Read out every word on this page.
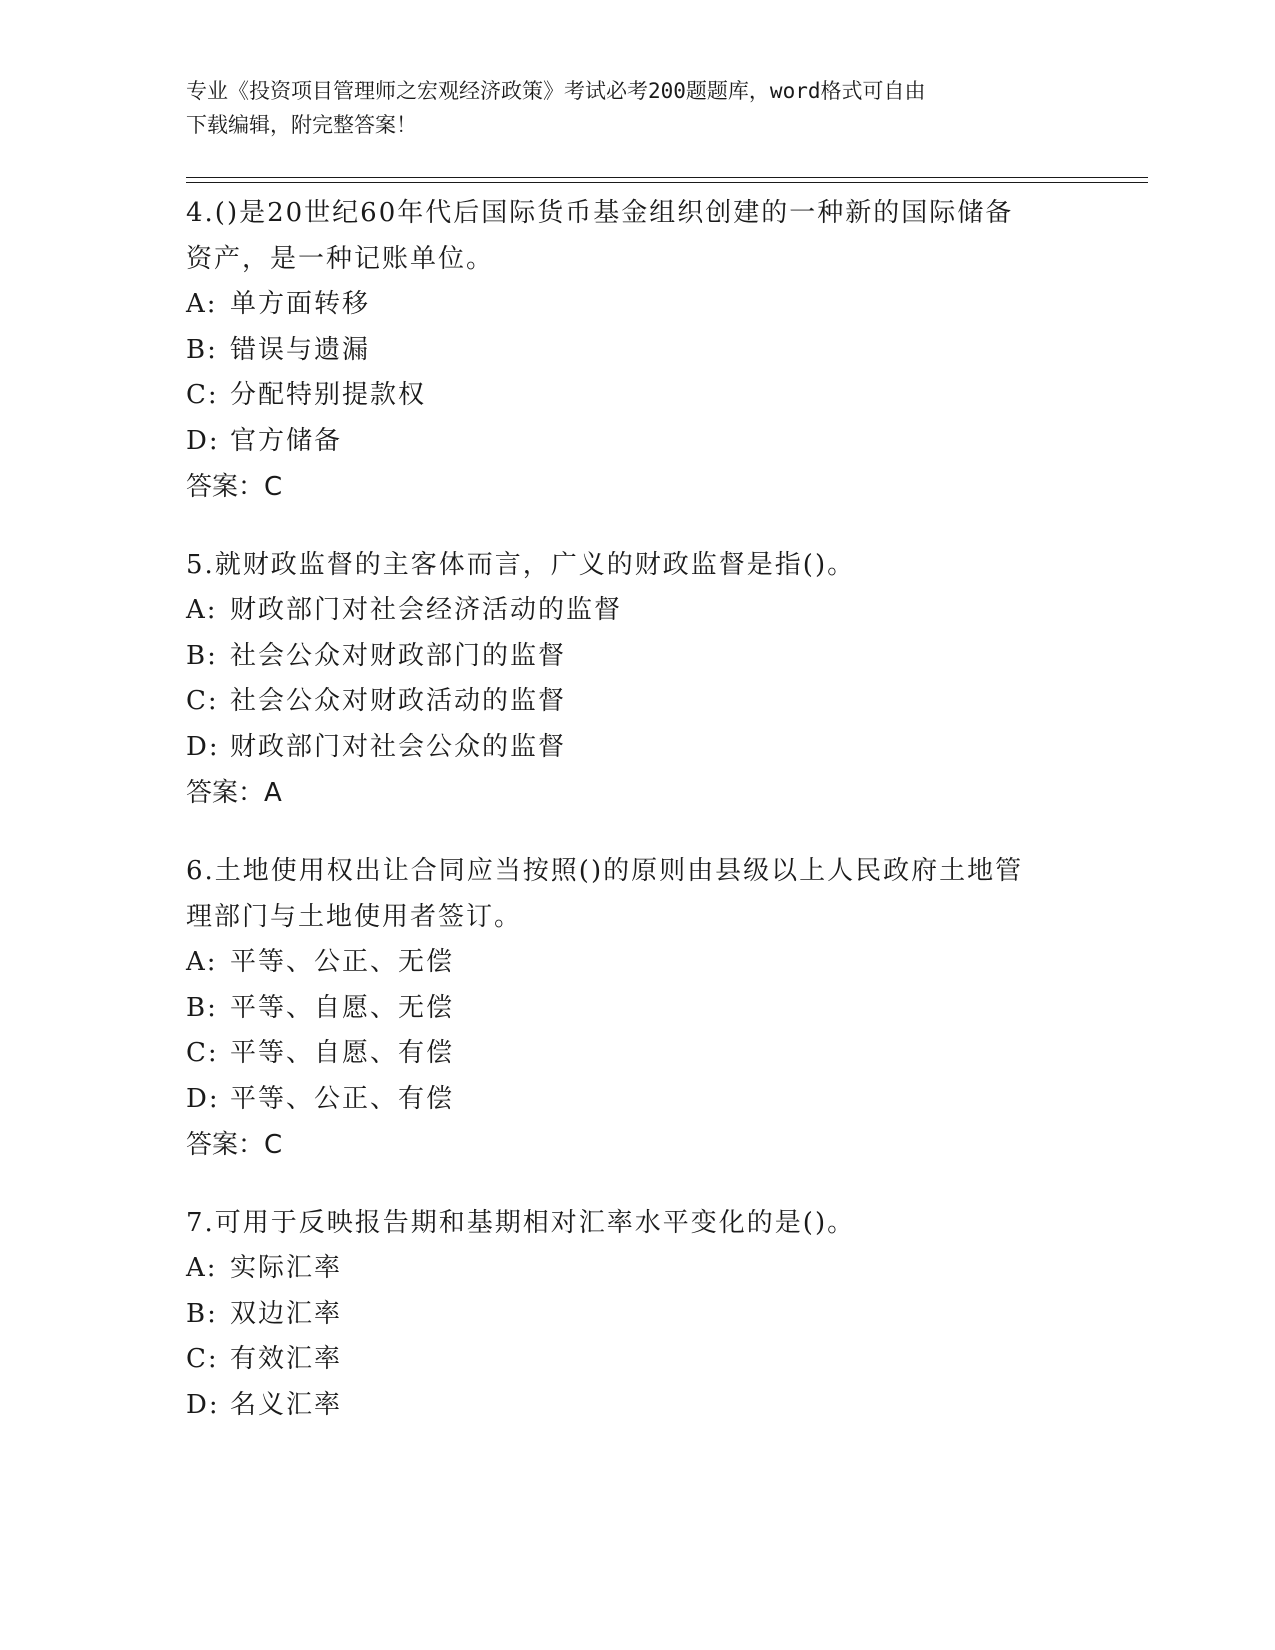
专业《投资项目管理师之宏观经济政策》考试必考200题题库，word格式可自由
下载编辑，附完整答案！

4.()是20世纪60年代后国际货币基金组织创建的一种新的国际储备

资产，是一种记账单位。

A: 单方面转移

B: 错误与遗漏

C: 分配特别提款权

D: 官方储备

答案：C

5.就财政监督的主客体而言，广义的财政监督是指()。

A: 财政部门对社会经济活动的监督

B: 社会公众对财政部门的监督

C: 社会公众对财政活动的监督

D: 财政部门对社会公众的监督

答案：A

6.土地使用权出让合同应当按照()的原则由县级以上人民政府土地管

理部门与土地使用者签订。

A: 平等、公正、无偿

B: 平等、自愿、无偿

C: 平等、自愿、有偿

D: 平等、公正、有偿

答案：C

7.可用于反映报告期和基期相对汇率水平变化的是()。

A: 实际汇率

B: 双边汇率

C: 有效汇率

D: 名义汇率
